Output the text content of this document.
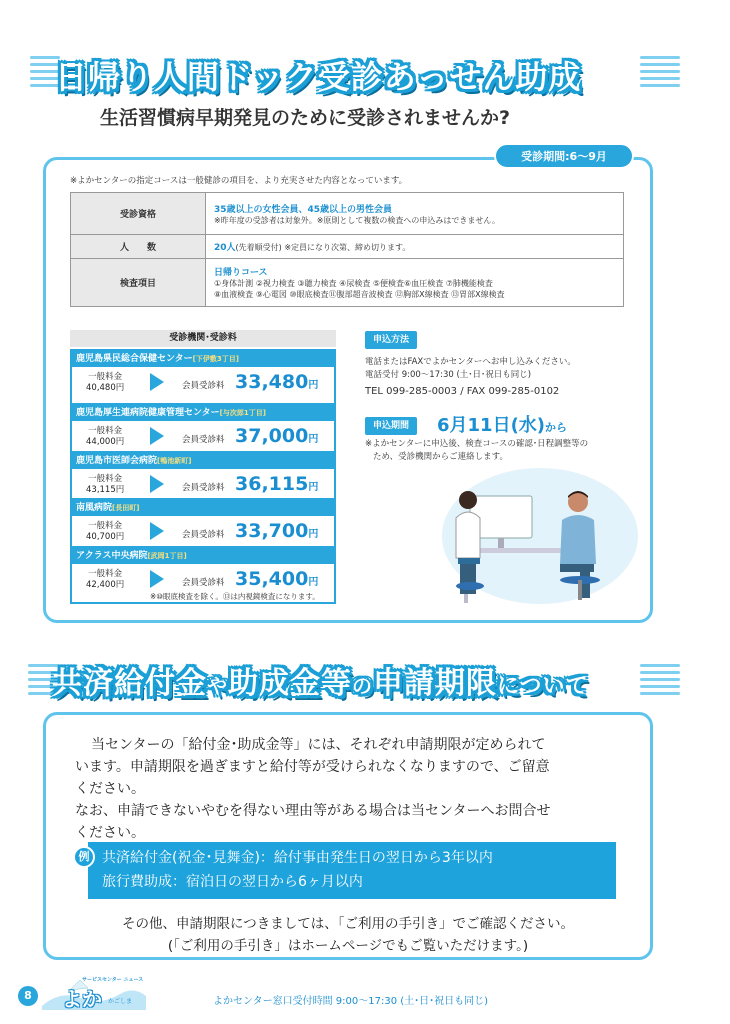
日帰り人間ドック受診あっせん助成
生活習慣病早期発見のために受診されませんか?
受診期間:6～9月
※よかセンターの指定コースは一般健診の項目を、より充実させた内容となっています。
受診資格	35歳以上の女性会員、45歳以上の男性会員
※昨年度の受診者は対象外。※原則として複数の検査への申込みはできません。

人　　数	20人(先着順受付) ※定員になり次第、締め切ります。
検査項目	日帰りコース
①身体計測 ②視力検査 ③聴力検査 ④尿検査 ⑤便検査⑥血圧検査 ⑦肺機能検査
⑧血液検査 ⑨心電図 ⑩眼底検査⑪腹部超音波検査 ⑫胸部X線検査 ⑬胃部X線検査
受診機関･受診料
鹿児島県民総合保健センター[下伊敷3丁目]
一般料金
40,480円	会員受診料 33,480円
鹿児島厚生連病院健康管理センター[与次郎1丁目]
一般料金
44,000円	会員受診料 37,000円
鹿児島市医師会病院[鴨池新町]
一般料金
43,115円	会員受診料 36,115円
南風病院[長田町]
一般料金
40,700円	会員受診料 33,700円
アクラス中央病院[武岡1丁目]
一般料金
42,400円	会員受診料 35,400円
※⑩眼底検査を除く。⑬は内視鏡検査になります。
申込方法
電話またはFAXでよかセンターへお申し込みください。
電話受付 9:00～17:30 (土･日･祝日も同じ)
TEL 099-285-0003 / FAX 099-285-0102
申込期間	6月11日(水)から
※よかセンターに申込後、検査コースの確認･日程調整等の
ため、受診機関からご連絡します。
共済給付金や助成金等の申請期限について
当センターの「給付金･助成金等」には、それぞれ申請期限が定められて
います。申請期限を過ぎますと給付等が受けられなくなりますので、ご留意
ください。
なお、申請できないやむを得ない理由等がある場合は当センターへお問合せ
ください。
共済給付金(祝金･見舞金)：給付事由発生日の翌日から3年以内
旅行費助成：宿泊日の翌日から6ヶ月以内
例
その他、申請期限につきましては、「ご利用の手引き」でご確認ください。
(「ご利用の手引き」はホームページでもご覧いただけます。)
8
サービスセンター ニュース
よか かごしま	よかセンター窓口受付時間 9:00～17:30 (土･日･祝日も同じ)
